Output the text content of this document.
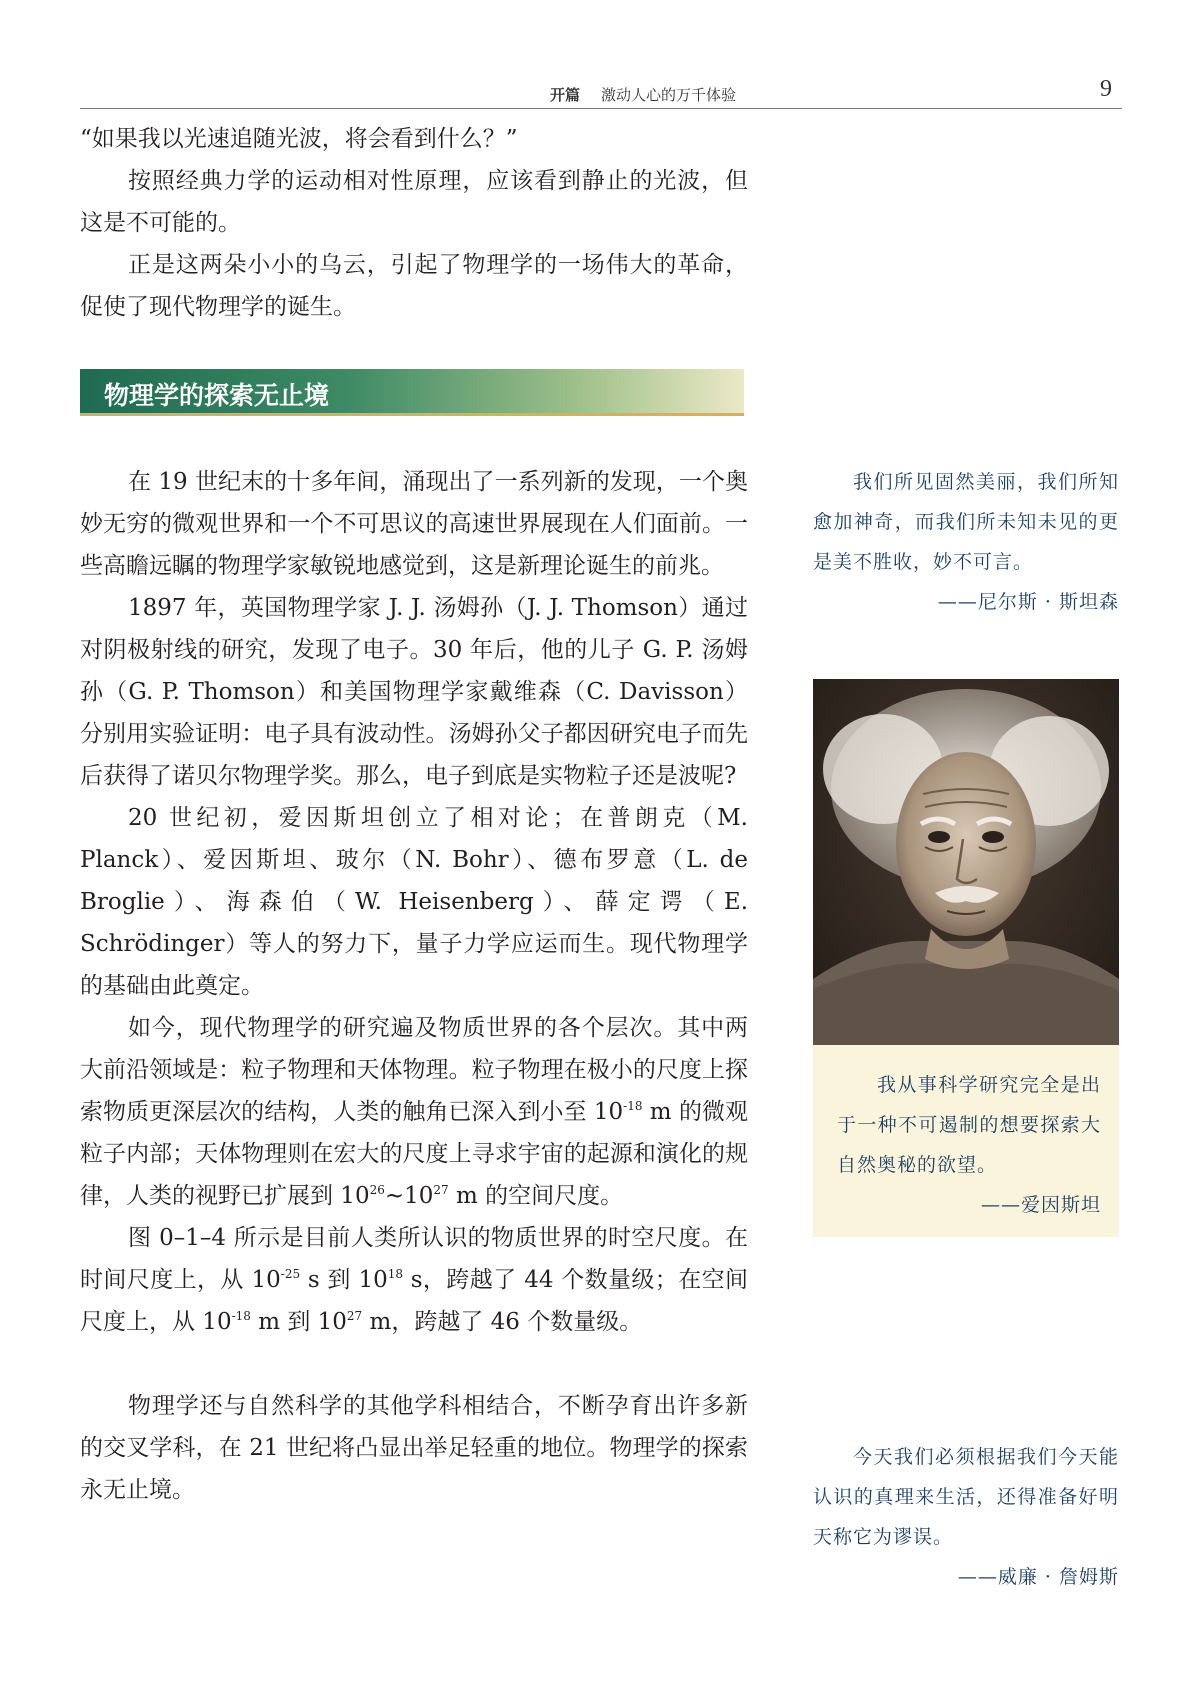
开篇 激动人心的万千体验	9

“如果我以光速追随光波，将会看到什么？”

按照经典力学的运动相对性原理，应该看到静止的光波，但这是不可能的。

正是这两朵小小的乌云，引起了物理学的一场伟大的革命，促使了现代物理学的诞生。

物理学的探索无止境

在 19 世纪末的十多年间，涌现出了一系列新的发现，一个奥妙无穷的微观世界和一个不可思议的高速世界展现在人们面前。一些高瞻远瞩的物理学家敏锐地感觉到，这是新理论诞生的前兆。

1897 年，英国物理学家 J. J. 汤姆孙（J. J. Thomson）通过对阴极射线的研究，发现了电子。30 年后，他的儿子 G. P. 汤姆孙（G. P. Thomson）和美国物理学家戴维森（C. Davisson）分别用实验证明：电子具有波动性。汤姆孙父子都因研究电子而先后获得了诺贝尔物理学奖。那么，电子到底是实物粒子还是波呢?

20 世纪初，爱因斯坦创立了相对论；在普朗克（M. Planck）、爱因斯坦、玻尔（N. Bohr）、德布罗意（L. de Broglie）、海森伯（W. Heisenberg）、薛定谔（E. Schrödinger）等人的努力下，量子力学应运而生。现代物理学的基础由此奠定。

如今，现代物理学的研究遍及物质世界的各个层次。其中两大前沿领域是：粒子物理和天体物理。粒子物理在极小的尺度上探索物质更深层次的结构，人类的触角已深入到小至 $10^{-18}$ m 的微观粒子内部；天体物理则在宏大的尺度上寻求宇宙的起源和演化的规律，人类的视野已扩展到 $10^{26}\sim 10^{27}$ m 的空间尺度。

图 0–1–4 所示是目前人类所认识的物质世界的时空尺度。在时间尺度上，从 $10^{-25}$ s 到 $10^{18}$ s，跨越了 44 个数量级；在空间尺度上，从 $10^{-18}$ m 到 $10^{27}$ m，跨越了 46 个数量级。

物理学还与自然科学的其他学科相结合，不断孕育出许多新的交叉学科，在 21 世纪将凸显出举足轻重的地位。物理学的探索永无止境。

我们所见固然美丽，我们所知愈加神奇，而我们所未知未见的更是美不胜收，妙不可言。

——尼尔斯 · 斯坦森

我从事科学研究完全是出于一种不可遏制的想要探索大自然奥秘的欲望。

——爱因斯坦

今天我们必须根据我们今天能认识的真理来生活，还得准备好明天称它为谬误。

——威廉 · 詹姆斯
